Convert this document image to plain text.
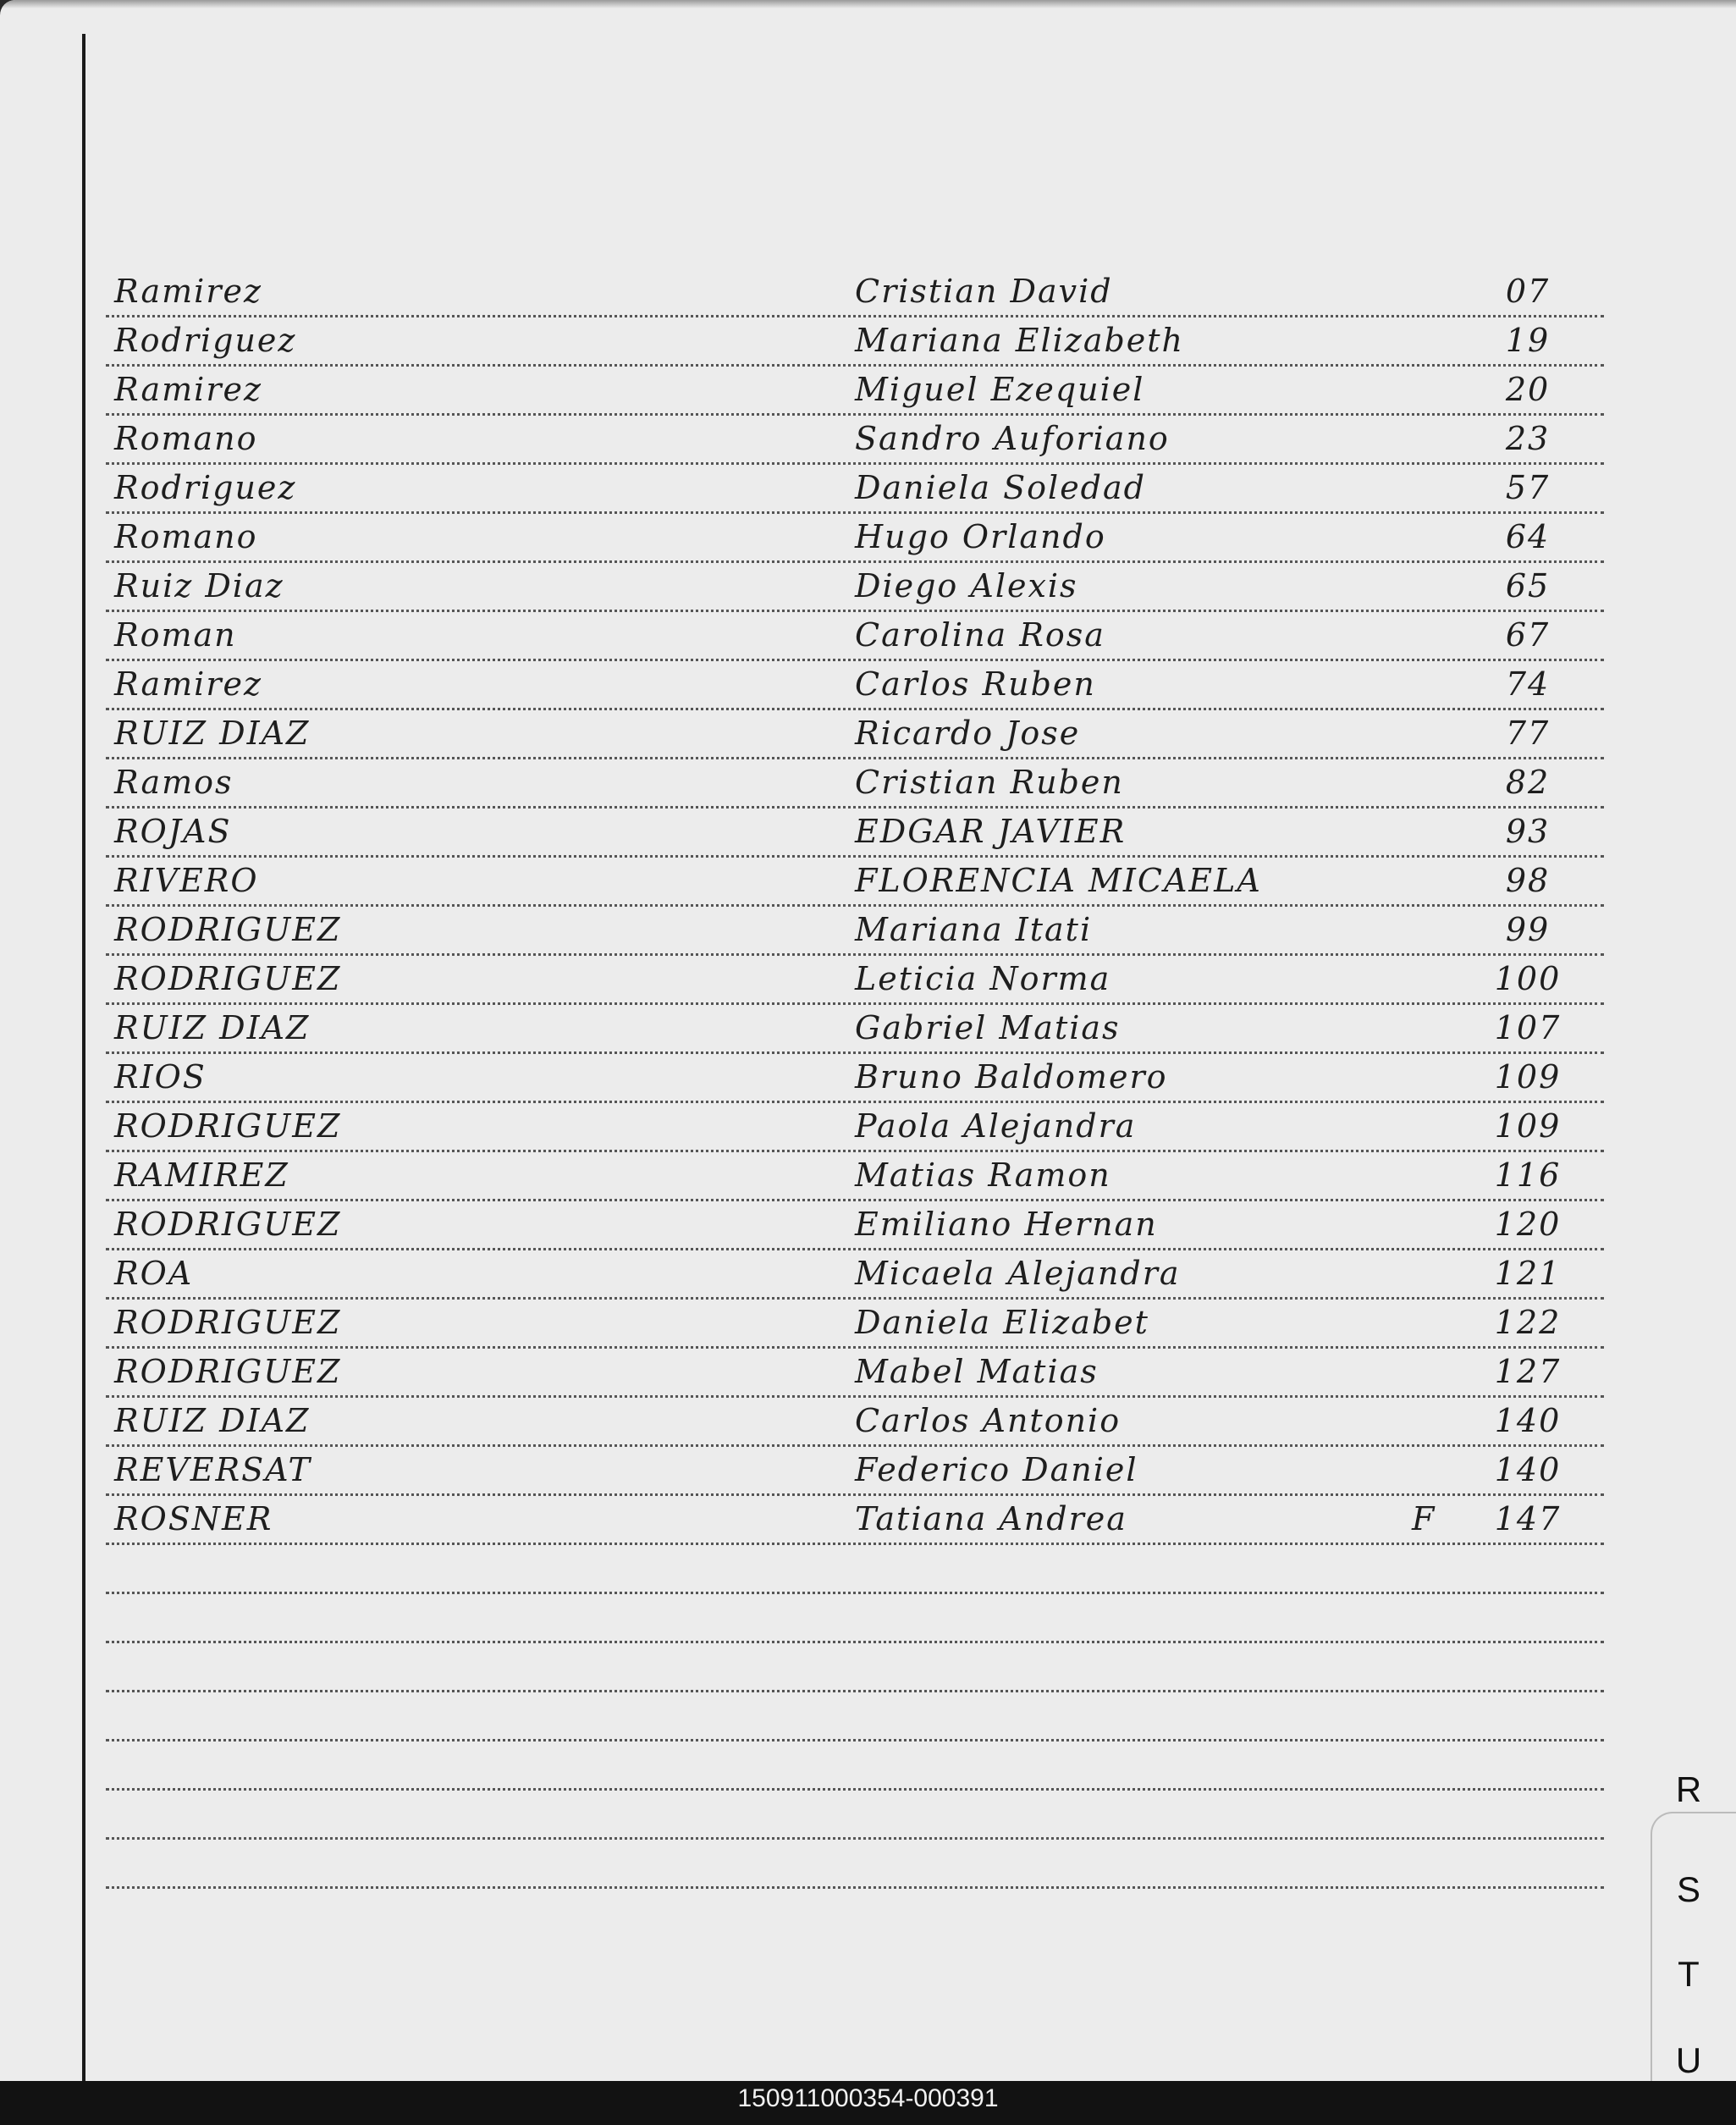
Ramirez	Cristian David	07
Rodriguez	Mariana Elizabeth	19
Ramirez	Miguel Ezequiel	20
Romano	Sandro Auforiano	23
Rodriguez	Daniela Soledad	57
Romano	Hugo Orlando	64
Ruiz Diaz	Diego Alexis	65
Roman	Carolina Rosa	67
Ramirez	Carlos Ruben	74
RUIZ DIAZ	Ricardo Jose	77
Ramos	Cristian Ruben	82
ROJAS	EDGAR JAVIER	93
RIVERO	FLORENCIA MICAELA	98
RODRIGUEZ	Mariana Itati	99
RODRIGUEZ	Leticia Norma	100
RUIZ DIAZ	Gabriel Matias	107
RIOS	Bruno Baldomero	109
RODRIGUEZ	Paola Alejandra	109
RAMIREZ	Matias Ramon	116
RODRIGUEZ	Emiliano Hernan	120
ROA	Micaela Alejandra	121
RODRIGUEZ	Daniela Elizabet	122
RODRIGUEZ	Mabel Matias	127
RUIZ DIAZ	Carlos Antonio	140
REVERSAT	Federico Daniel	140
ROSNER	Tatiana Andrea	F	147
R
S
T
U
150911000354-000391
